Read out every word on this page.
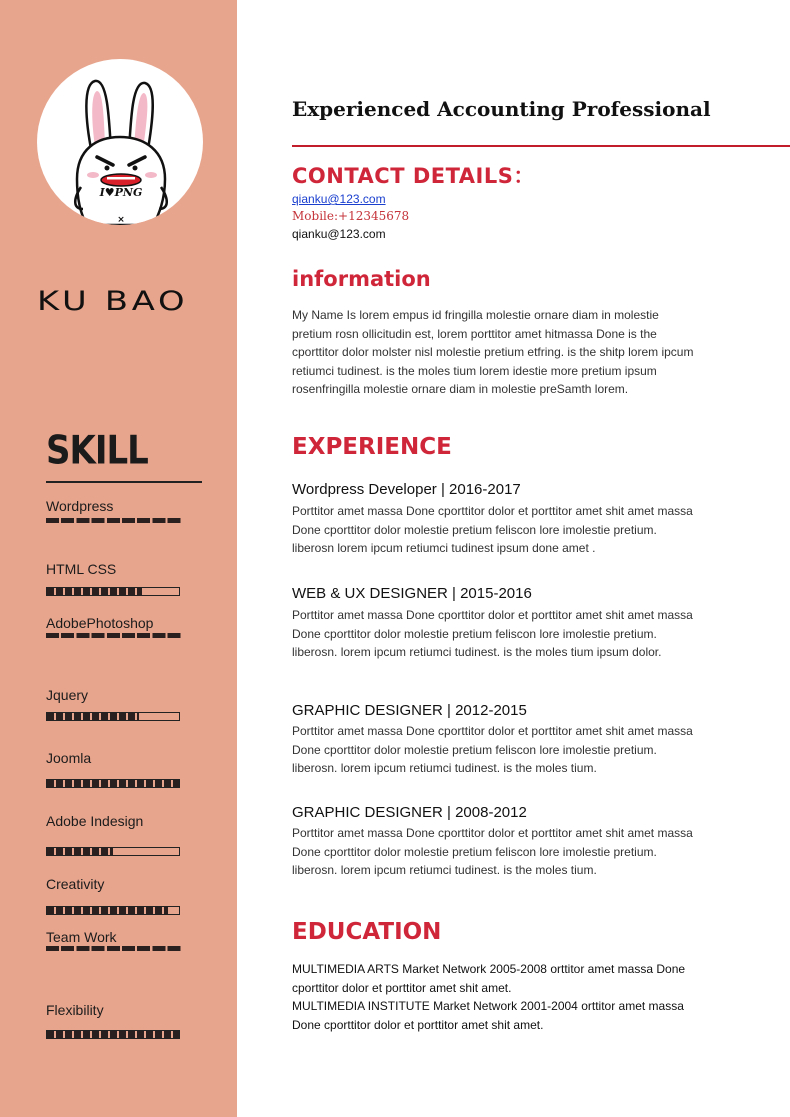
I♥PNG
×
KU BAO
SKILL
Wordpress
HTML CSS
AdobePhotoshop
Jquery
Joomla
Adobe Indesign
Creativity
Team Work
Flexibility
Experienced Accounting Professional
CONTACT DETAILS：
qianku@123.com
Mobile:+12345678
qianku@123.com
information
My Name Is lorem empus id fringilla molestie ornare diam in molestie pretium rosn ollicitudin est, lorem porttitor amet hitmassa Done is the cporttitor dolor molster nisl molestie pretium etfring. is the shitp lorem ipcum retiumci tudinest. is the moles tium lorem idestie more pretium ipsum rosenfringilla molestie ornare diam in molestie preSamth lorem.
EXPERIENCE
Wordpress Developer | 2016-2017
Porttitor amet massa Done cporttitor dolor et porttitor amet shit amet massa Done cporttitor dolor molestie pretium feliscon lore imolestie pretium. liberosn lorem ipcum retiumci tudinest ipsum done amet .
WEB & UX DESIGNER | 2015-2016
Porttitor amet massa Done cporttitor dolor et porttitor amet shit amet massa Done cporttitor dolor molestie pretium feliscon lore imolestie pretium. liberosn. lorem ipcum retiumci tudinest. is the moles tium ipsum dolor.
GRAPHIC DESIGNER | 2012-2015
Porttitor amet massa Done cporttitor dolor et porttitor amet shit amet massa Done cporttitor dolor molestie pretium feliscon lore imolestie pretium. liberosn. lorem ipcum retiumci tudinest. is the moles tium.
GRAPHIC DESIGNER | 2008-2012
Porttitor amet massa Done cporttitor dolor et porttitor amet shit amet massa Done cporttitor dolor molestie pretium feliscon lore imolestie pretium. liberosn. lorem ipcum retiumci tudinest. is the moles tium.
EDUCATION
MULTIMEDIA ARTS Market Network 2005-2008 orttitor amet massa Done cporttitor dolor et porttitor amet shit amet.
MULTIMEDIA INSTITUTE Market Network 2001-2004 orttitor amet massa Done cporttitor dolor et porttitor amet shit amet.
